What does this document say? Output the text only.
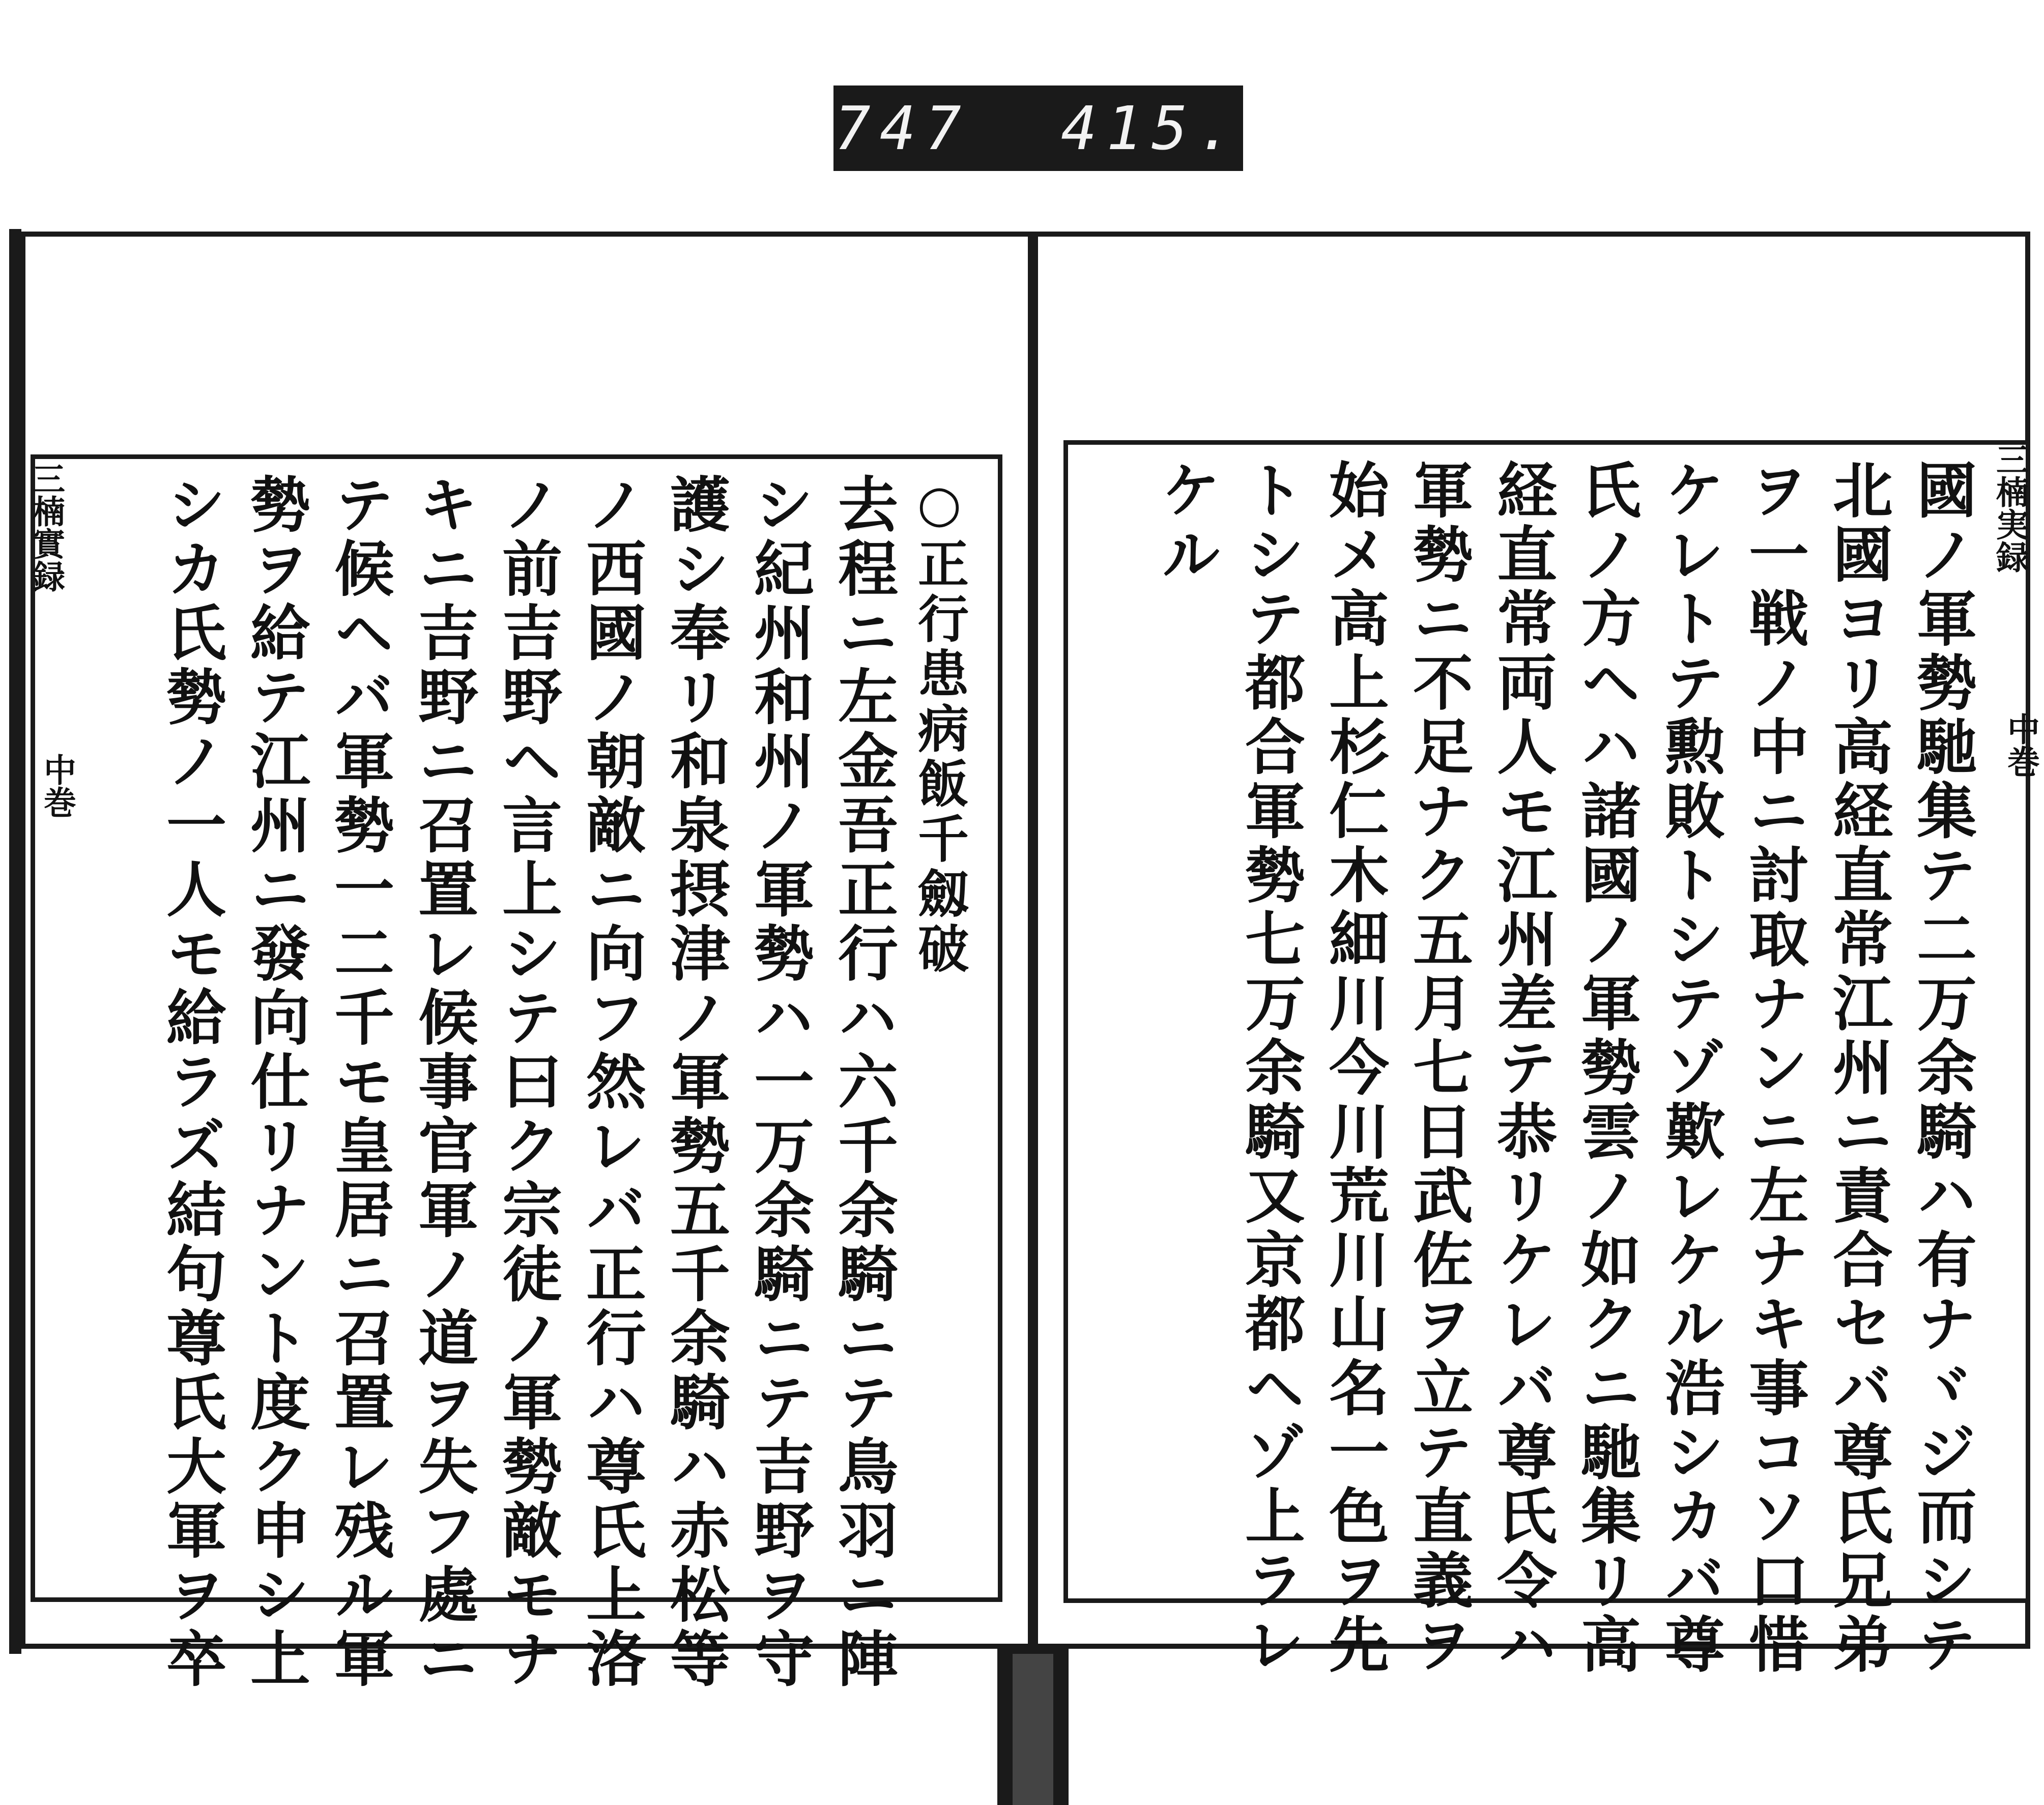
747  415.
○正行患病飯千劔破
去程ニ左金吾正行ハ六千余騎ニテ鳥羽ニ陣
シ紀州和州ノ軍勢ハ一万余騎ニテ吉野ヲ守
護シ奉リ和泉摂津ノ軍勢五千余騎ハ赤松等
ノ西國ノ朝敵ニ向フ然レバ正行ハ尊氏上洛
ノ前吉野ヘ言上シテ曰ク宗徒ノ軍勢敵モナ
キニ吉野ニ召置レ候事官軍ノ道ヲ失フ處ニ
テ候ヘバ軍勢一二千モ皇居ニ召置レ残ル軍
勢ヲ給テ江州ニ發向仕リナント度ク申シ上
シカ氏勢ノ一人モ給ラズ結句尊氏大軍ヲ卒
三楠實録
中巻	國ノ軍勢馳集テ二万余騎ハ有ナヾジ而シテ
北國ヨリ高経直常江州ニ責合セバ尊氏兄弟
ヲ一戦ノ中ニ討取ナンニ左ナキ事コソ口惜
ケレトテ勲敗トシテゾ歎レケル浩シカバ尊
氏ノ方ヘハ諸國ノ軍勢雲ノ如クニ馳集リ高
経直常両人モ江州差テ恭リケレバ尊氏令ハ
軍勢ニ不足ナク五月七日武佐ヲ立テ直義ヲ
始メ高上杉仁木細川今川荒川山名一色ヲ先
トシテ都合軍勢七万余騎又京都ヘゾ上ラレ
ケル	三楠実録
中巻
